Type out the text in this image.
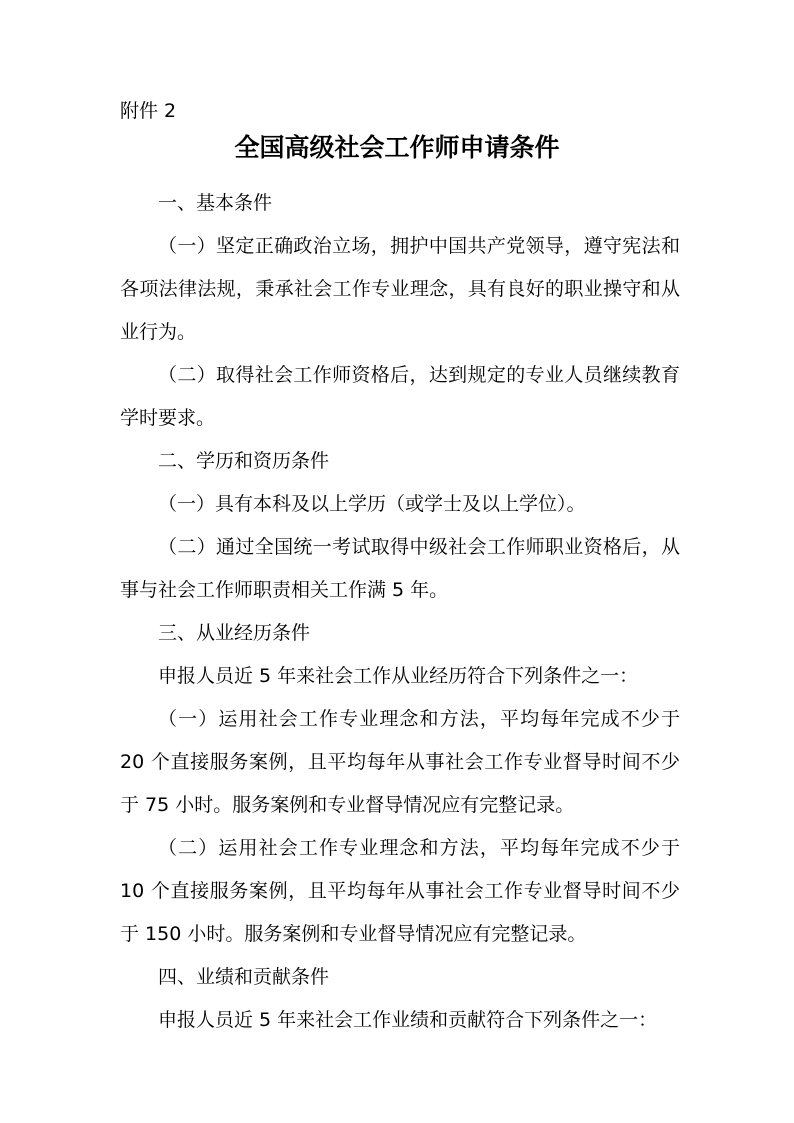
附件 2
全国高级社会工作师申请条件

一、基本条件

（一）坚定正确政治立场，拥护中国共产党领导，遵守宪法和各项法律法规，秉承社会工作专业理念，具有良好的职业操守和从业行为。

（二）取得社会工作师资格后，达到规定的专业人员继续教育学时要求。

二、学历和资历条件

（一）具有本科及以上学历（或学士及以上学位）。

（二）通过全国统一考试取得中级社会工作师职业资格后，从事与社会工作师职责相关工作满 5 年。

三、从业经历条件

申报人员近 5 年来社会工作从业经历符合下列条件之一：

（一）运用社会工作专业理念和方法，平均每年完成不少于 20 个直接服务案例，且平均每年从事社会工作专业督导时间不少于 75 小时。服务案例和专业督导情况应有完整记录。

（二）运用社会工作专业理念和方法，平均每年完成不少于 10 个直接服务案例，且平均每年从事社会工作专业督导时间不少于 150 小时。服务案例和专业督导情况应有完整记录。

四、业绩和贡献条件

申报人员近 5 年来社会工作业绩和贡献符合下列条件之一：
